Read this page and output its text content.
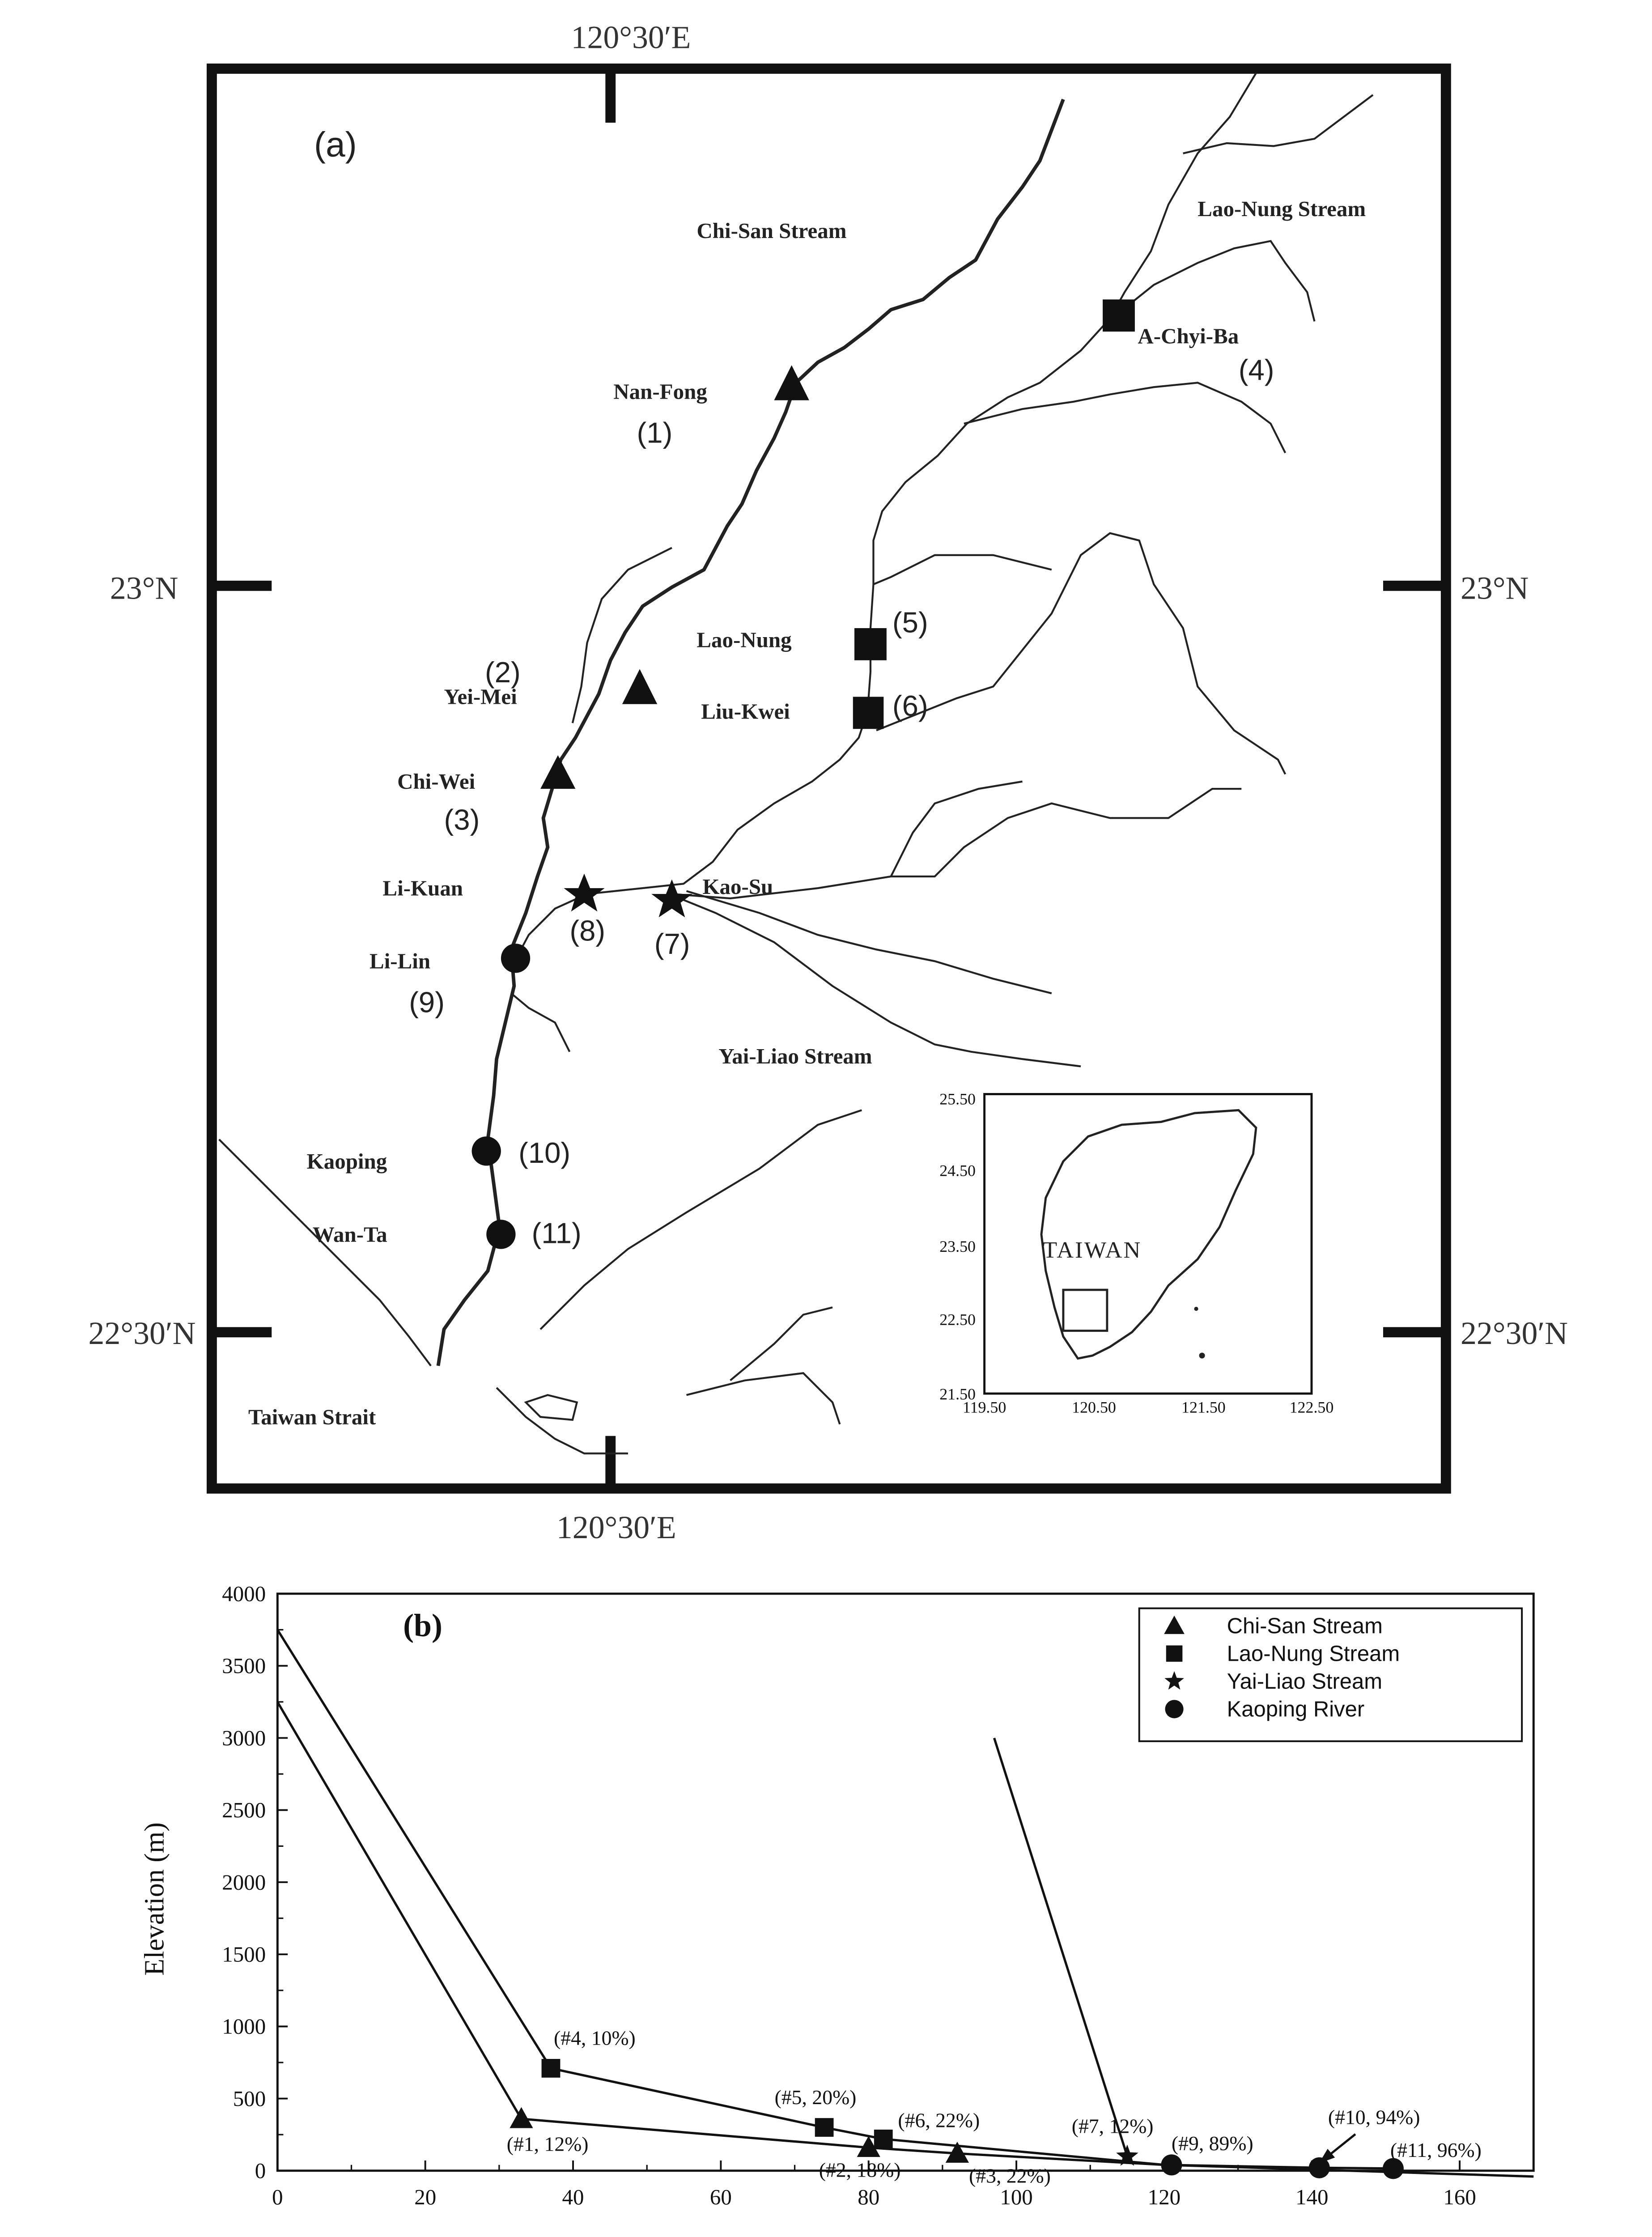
120°30′E
120°30′E
23°N
22°30′N
23°N
22°30′N
(a)
Chi-San Stream
Lao-Nung Stream
Yai-Liao Stream
Taiwan Strait
Nan-Fong
(1)
Yei-Mei
(2)
Chi-Wei
(3)
A-Chyi-Ba
(4)
Lao-Nung
(5)
Liu-Kwei	(6)
Kao-Su
(7)
Li-Kuan
(8)
Li-Lin
(9)
Kaoping	(10)
Wan-Ta	(11)
TAIWAN
25.50
24.50
23.50
22.50
21.50
119.50	120.50	121.50	122.50
(b)
0
500
1000
1500
2000
2500
3000
3500
4000
0	20	40	60	80	100	120	140	160
Elevation (m)
(#1, 12%)
(#2, 18%)	(#3, 22%)
(#4, 10%)
(#5, 20%)
(#6, 22%)	(#7, 12%)
(#9, 89%)
(#10, 94%)
(#11, 96%)
Chi-San Stream
Lao-Nung Stream
Yai-Liao Stream
Kaoping River
